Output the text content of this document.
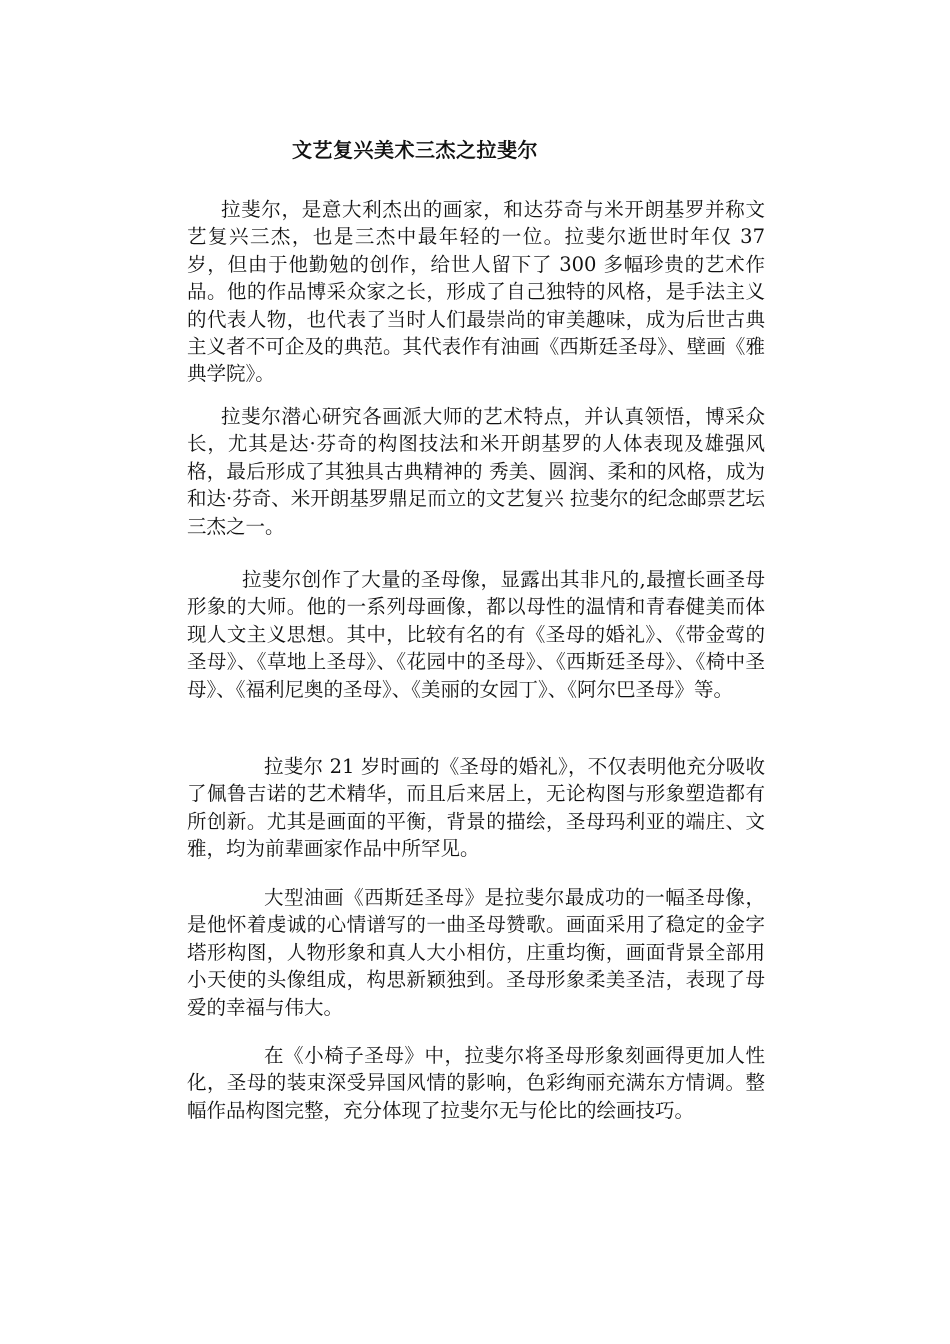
文艺复兴美术三杰之拉斐尔

拉斐尔，是意大利杰出的画家，和达芬奇与米开朗基罗并称文艺复兴三杰，也是三杰中最年轻的一位。拉斐尔逝世时年仅 37 岁，但由于他勤勉的创作，给世人留下了 300 多幅珍贵的艺术作品。他的作品博采众家之长，形成了自己独特的风格，是手法主义的代表人物，也代表了当时人们最崇尚的审美趣味，成为后世古典主义者不可企及的典范。其代表作有油画《西斯廷圣母》、壁画《雅典学院》。

拉斐尔潜心研究各画派大师的艺术特点，并认真领悟，博采众长，尤其是达·芬奇的构图技法和米开朗基罗的人体表现及雄强风格，最后形成了其独具古典精神的 秀美、圆润、柔和的风格，成为和达·芬奇、米开朗基罗鼎足而立的文艺复兴 拉斐尔的纪念邮票艺坛三杰之一。

拉斐尔创作了大量的圣母像，显露出其非凡的,最擅长画圣母形象的大师。他的一系列母画像，都以母性的温情和青春健美而体现人文主义思想。其中，比较有名的有《圣母的婚礼》、《带金莺的圣母》、《草地上圣母》、《花园中的圣母》、《西斯廷圣母》、《椅中圣母》、《福利尼奥的圣母》、《美丽的女园丁》、《阿尔巴圣母》等。

拉斐尔 21 岁时画的《圣母的婚礼》，不仅表明他充分吸收了佩鲁吉诺的艺术精华，而且后来居上，无论构图与形象塑造都有所创新。尤其是画面的平衡，背景的描绘，圣母玛利亚的端庄、文雅，均为前辈画家作品中所罕见。

大型油画《西斯廷圣母》是拉斐尔最成功的一幅圣母像，是他怀着虔诚的心情谱写的一曲圣母赞歌。画面采用了稳定的金字塔形构图，人物形象和真人大小相仿，庄重均衡，画面背景全部用小天使的头像组成，构思新颖独到。圣母形象柔美圣洁，表现了母爱的幸福与伟大。

在《小椅子圣母》中，拉斐尔将圣母形象刻画得更加人性化，圣母的装束深受异国风情的影响，色彩绚丽充满东方情调。整幅作品构图完整，充分体现了拉斐尔无与伦比的绘画技巧。
